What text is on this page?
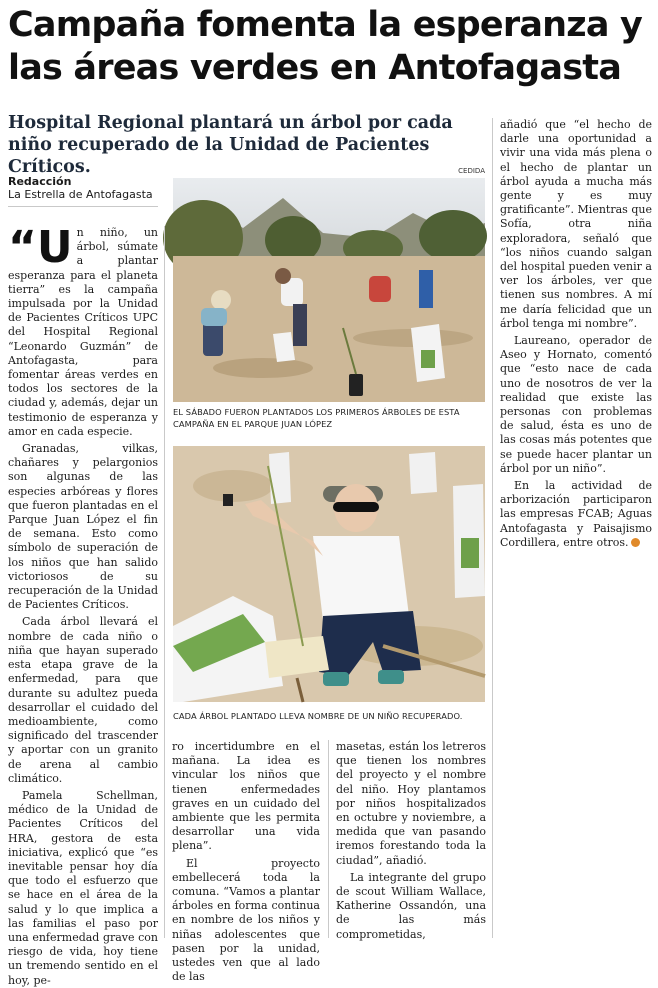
Campaña fomenta la esperanza y las áreas verdes en Antofagasta
Hospital Regional plantará un árbol por cada niño recuperado de la Unidad de Pacientes Críticos.
Redacción
La Estrella de Antofagasta
CEDIDA

“U n niño, un árbol, súmate a plantar esperanza para el planeta tierra” es la campaña impulsada por la Unidad de Pacientes Críticos UPC del Hospital Regional “Leonardo Guzmán” de Antofagasta, para fomentar áreas verdes en todos los sectores de la ciudad y, además, dejar un testimonio de esperanza y amor en cada especie.

Granadas, vilkas, chañares y pelargonios son algunas de las especies arbóreas y flores que fueron plantadas en el Parque Juan López el fin de semana. Esto como símbolo de superación de los niños que han salido victoriosos de su recuperación de la Unidad de Pacientes Críticos.

Cada árbol llevará el nombre de cada niño o niña que hayan superado esta etapa grave de la enfermedad, para que durante su adultez pueda desarrollar el cuidado del medioambiente, como significado del trascender y aportar con un granito de arena al cambio climático.

Pamela Schellman, médico de la Unidad de Pacientes Críticos del HRA, gestora de esta iniciativa, explicó que “es inevitable pensar hoy día que todo el esfuerzo que se hace en el área de la salud y lo que implica a las familias el paso por una enfermedad grave con riesgo de vida, hoy tiene un tremendo sentido en el hoy, pe-

EL SÁBADO FUERON PLANTADOS LOS PRIMEROS ÁRBOLES DE ESTA CAMPAÑA EN EL PARQUE JUAN LÓPEZ
CADA ÁRBOL PLANTADO LLEVA NOMBRE DE UN NIÑO RECUPERADO.

ro incertidumbre en el mañana. La idea es vincular los niños que tienen enfermedades graves en un cuidado del ambiente que les permita desarrollar una vida plena”.

El proyecto embellecerá toda la comuna. “Vamos a plantar árboles en forma continua en nombre de los niños y niñas adolescentes que pasen por la unidad, ustedes ven que al lado de las

masetas, están los letreros que tienen los nombres del proyecto y el nombre del niño. Hoy plantamos por niños hospitalizados en octubre y noviembre, a medida que van pasando iremos forestando toda la ciudad”, añadió.

La integrante del grupo de scout William Wallace, Katherine Ossandón, una de las más comprometidas,

añadió que “el hecho de darle una oportunidad a vivir una vida más plena o el hecho de plantar un árbol ayuda a mucha más gente y es muy gratificante”. Mientras que Sofía, otra niña exploradora, señaló que “los niños cuando salgan del hospital pueden venir a ver los árboles, ver que tienen sus nombres. A mí me daría felicidad que un árbol tenga mi nombre”.

Laureano, operador de Aseo y Hornato, comentó que “esto nace de cada uno de nosotros de ver la realidad que existe las personas con problemas de salud, ésta es uno de las cosas más potentes que se puede hacer plantar un árbol por un niño”.

En la actividad de arborización participaron las empresas FCAB; Aguas Antofagasta y Paisajismo Cordillera, entre otros.
